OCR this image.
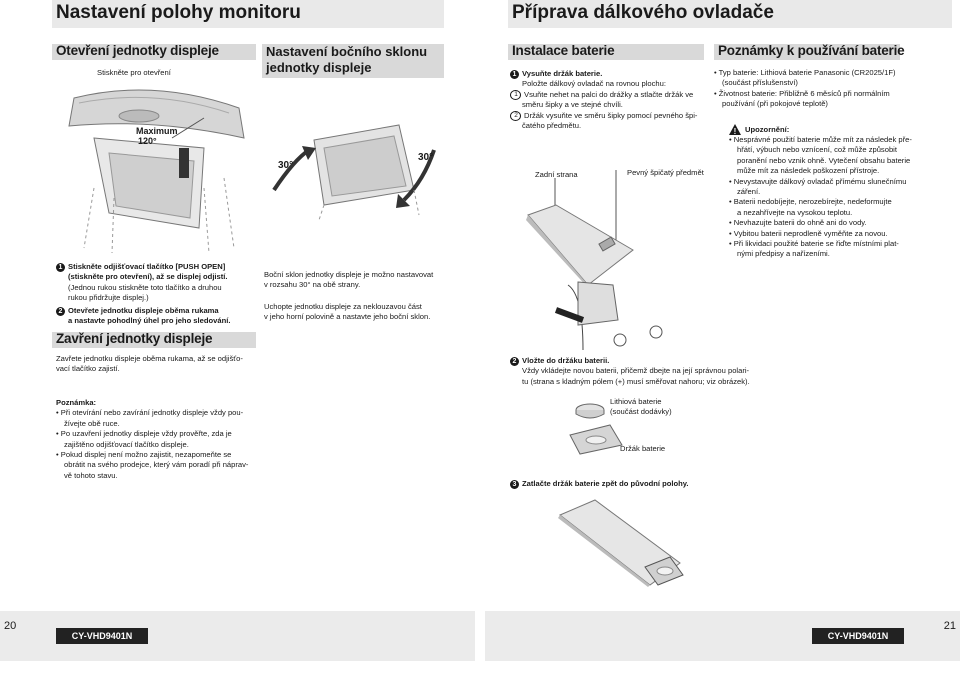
Nastavení polohy monitoru	Příprava dálkového ovladače
Otevření jednotky displeje
Stiskněte pro otevření
Maximum
120°
1 Stiskněte odjišťovací tlačítko [PUSH OPEN]
(stiskněte pro otevření), až se displej odjistí.
(Jednou rukou stiskněte toto tlačítko a druhou
rukou přidržujte displej.)
2 Otevřete jednotku displeje oběma rukama
a nastavte pohodlný úhel pro jeho sledování.
Zavření jednotky displeje
Zavřete jednotku displeje oběma rukama, až se odjišťo-
vací tlačítko zajistí.
Poznámka:
• Při otevírání nebo zavírání jednotky displeje vždy pou-
žívejte obě ruce.
• Po uzavření jednotky displeje vždy prověřte, zda je
zajištěno odjišťovací tlačítko displeje.
• Pokud displej není možno zajistit, nezapomeňte se
obrátit na svého prodejce, který vám poradí při náprav-
vě tohoto stavu.
Nastavení bočního sklonu
jednotky displeje
30°
30°
Boční sklon jednotky displeje je možno nastavovat
v rozsahu 30° na obě strany.
Uchopte jednotku displeje za neklouzavou část
v jeho horní polovině a nastavte jeho boční sklon.
Instalace baterie
1 Vysuňte držák baterie.
Položte dálkový ovladač na rovnou plochu:
1 Vsuňte nehet na palci do drážky a stlačte držák ve
směru šipky a ve stejné chvíli.
2 Držák vysuňte ve směru šipky pomocí pevného špi-
čatého předmětu.
Zadní strana	Pevný špičatý předmět
2 Vložte do držáku baterii.
Vždy vkládejte novou baterii, přičemž dbejte na její správnou polari-
tu (strana s kladným pólem (+) musí směřovat nahoru; viz obrázek).
Lithiová baterie
(součást dodávky)
Držák baterie
3 Zatlačte držák baterie zpět do původní polohy.
Poznámky k používání baterie
• Typ baterie: Lithiová baterie Panasonic (CR2025/1F)
(součást příslušenství)
• Životnost baterie: Přibližně 6 měsíců při normálním
používání (při pokojové teplotě)
! Upozornění:
• Nesprávné použití baterie může mít za následek pře-
hřátí, výbuch nebo vznícení, což může způsobit
poranění nebo vznik ohně. Vytečení obsahu baterie
může mít za následek poškození přístroje.
• Nevystavujte dálkový ovladač přímému slunečnímu
záření.
• Baterii nedobíjejte, nerozebírejte, nedeformujte
a nezahřívejte na vysokou teplotu.
• Nevhazujte baterii do ohně ani do vody.
• Vybitou baterii neprodleně vyměňte za novou.
• Při likvidaci použité baterie se řiďte místními plat-
nými předpisy a nařízeními.
20	21
CY-VHD9401N	CY-VHD9401N
